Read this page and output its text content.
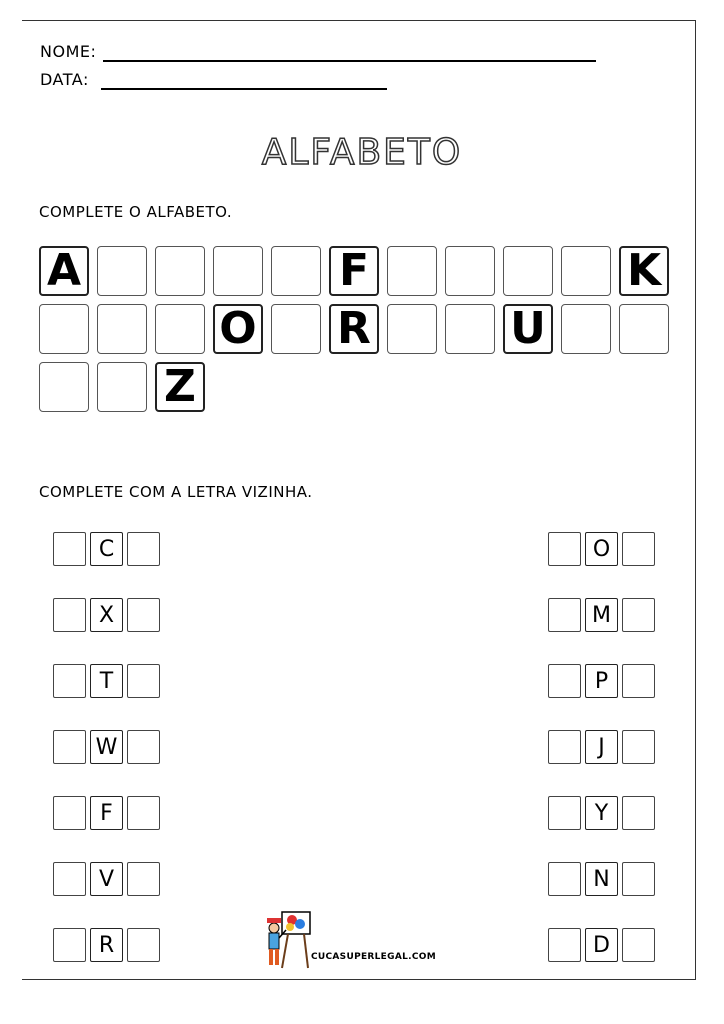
NOME:
DATA:
ALFABETO
COMPLETE O ALFABETO.
A	F	K
O R	U
Z
COMPLETE COM A LETRA VIZINHA.
C
X
T
W
F
V
R
O
M
P
J
Y
N
D
CUCASUPERLEGAL.COM
